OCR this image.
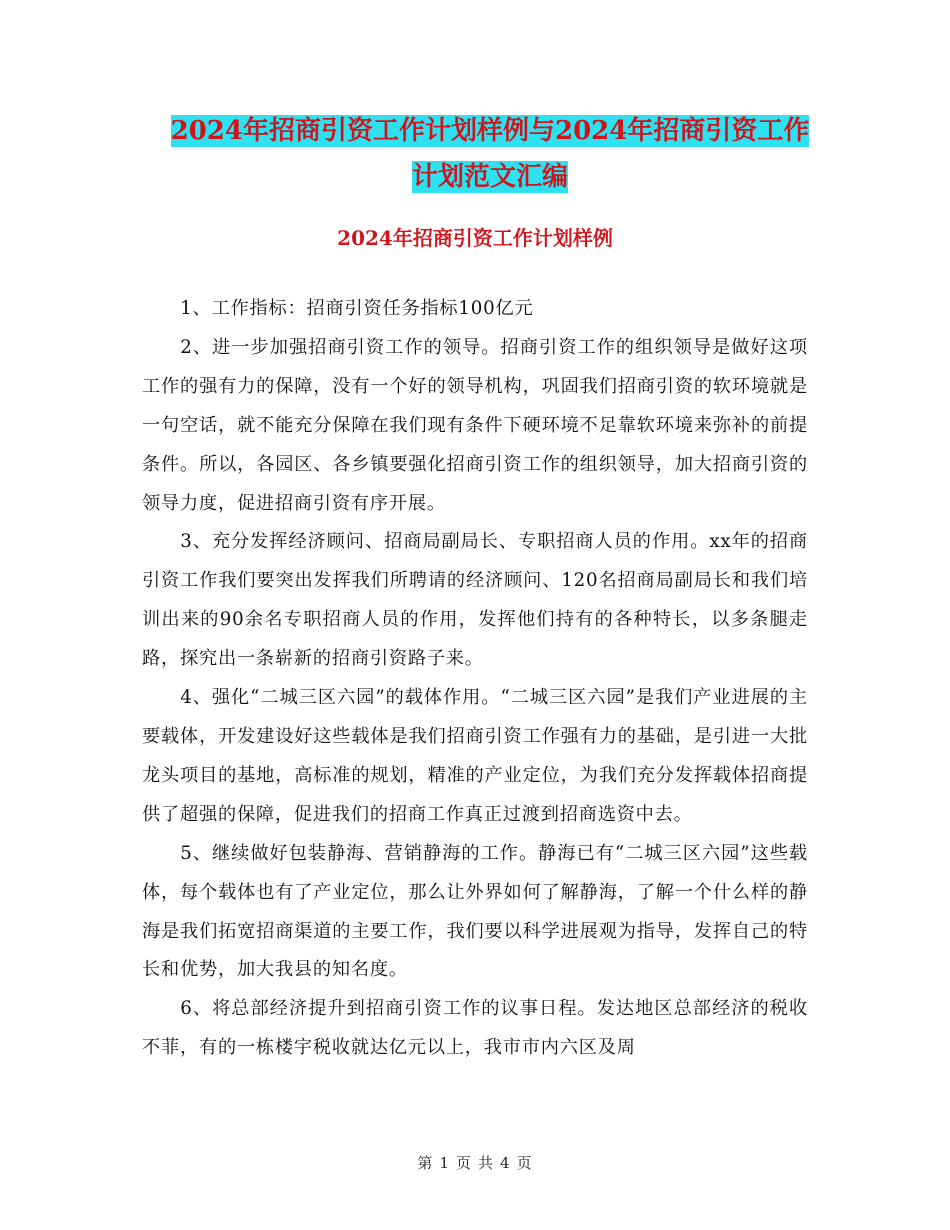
2024年招商引资工作计划样例与2024年招商引资工作
计划范文汇编
2024年招商引资工作计划样例

1、工作指标：招商引资任务指标100亿元

2、进一步加强招商引资工作的领导。招商引资工作的组织领导是做好这项工作的强有力的保障，没有一个好的领导机构，巩固我们招商引资的软环境就是一句空话，就不能充分保障在我们现有条件下硬环境不足靠软环境来弥补的前提条件。所以，各园区、各乡镇要强化招商引资工作的组织领导，加大招商引资的领导力度，促进招商引资有序开展。

3、充分发挥经济顾问、招商局副局长、专职招商人员的作用。xx年的招商引资工作我们要突出发挥我们所聘请的经济顾问、120名招商局副局长和我们培训出来的90余名专职招商人员的作用，发挥他们持有的各种特长，以多条腿走路，探究出一条崭新的招商引资路子来。

4、强化“二城三区六园”的载体作用。“二城三区六园”是我们产业进展的主要载体，开发建设好这些载体是我们招商引资工作强有力的基础，是引进一大批龙头项目的基地，高标准的规划，精准的产业定位，为我们充分发挥载体招商提供了超强的保障，促进我们的招商工作真正过渡到招商选资中去。

5、继续做好包装静海、营销静海的工作。静海已有“二城三区六园”这些载体，每个载体也有了产业定位，那么让外界如何了解静海，了解一个什么样的静海是我们拓宽招商渠道的主要工作，我们要以科学进展观为指导，发挥自己的特长和优势，加大我县的知名度。

6、将总部经济提升到招商引资工作的议事日程。发达地区总部经济的税收不菲，有的一栋楼宇税收就达亿元以上，我市市内六区及周

第 1 页 共 4 页
